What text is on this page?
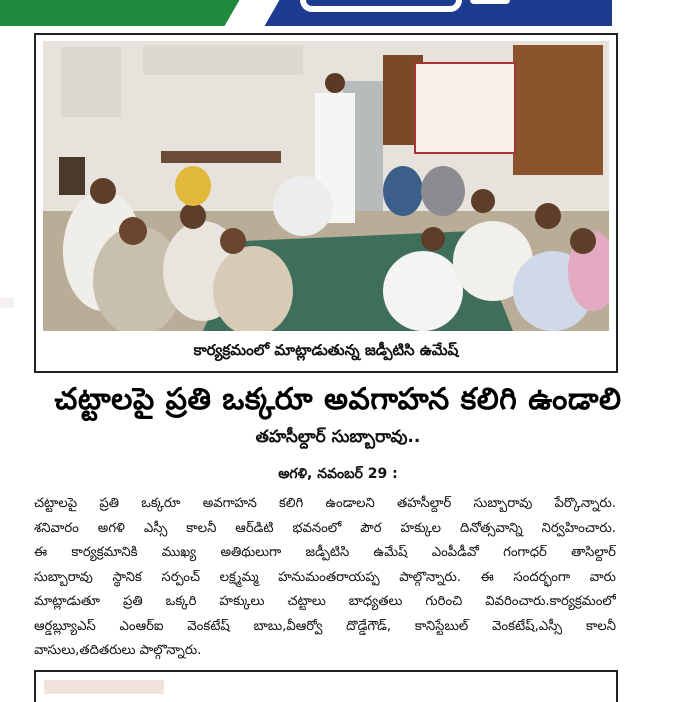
కార్యక్రమంలో మాట్లాడుతున్న జడ్పీటిసి ఉమేష్
చట్టాలపై ప్రతి ఒక్కరూ అవగాహన కలిగి ఉండాలి
తహసీల్దార్ సుబ్బారావు..
అగళి, నవంబర్ 29 :

చట్టాలపై ప్రతి ఒక్కరూ అవగాహన కలిగి ఉండాలని తహసీల్దార్ సుబ్బారావు పేర్కొన్నారు.

శనివారం అగళి ఎస్సీ కాలనీ ఆర్‌డిటి భవనంలో పౌర హక్కుల దినోత్సవాన్ని నిర్వహించారు.

ఈ కార్యక్రమానికి ముఖ్య అతిథులుగా జడ్పీటిసి ఉమేష్ ఎంపీడీవో గంగాధర్ తాసిల్దార్

సుబ్బారావు స్థానిక సర్పంచ్ లక్ష్మమ్మ హనుమంతరాయప్ప పాల్గొన్నారు. ఈ సందర్భంగా వారు

మాట్లాడుతూ ప్రతి ఒక్కరి హక్కులు చట్టాలు బాధ్యతలు గురించి వివరించారు.కార్యక్రమంలో

ఆర్డబ్ల్యూఎస్ ఎంఆర్ఐ వెంకటేష్ బాబు,వీఆర్వో దొడ్డేగౌడ్, కానిస్టేబుల్ వెంకటేష్,ఎస్సీ కాలనీ

వాసులు,తదితరులు పాల్గొన్నారు.
